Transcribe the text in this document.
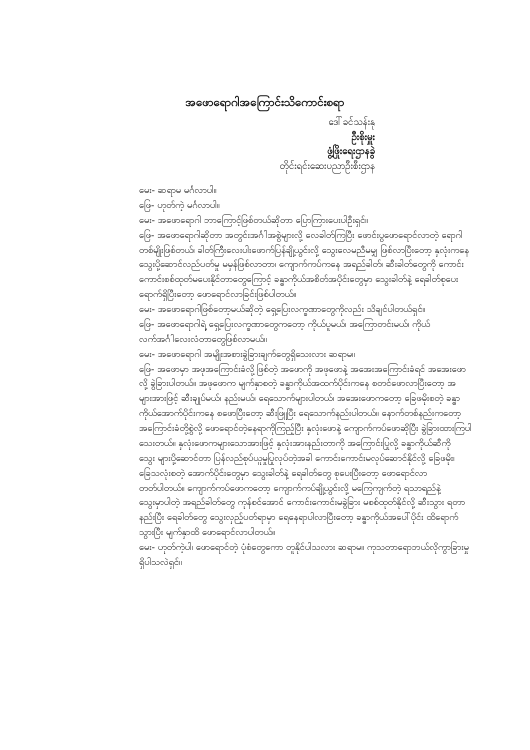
အဖောရောဂါအကြောင်းသိကောင်းစရာ
ဒေါ်ခင်သန်းနု
ဦးစိုးမှူး
ဖွံ့ဖြိုးရေးဌာနခွဲ
တိုင်းရင်းဆေးပညာဦးစီးဌာန
မေး- ဆရာမ မင်္ဂလာပါ။
ဖြေ- ဟုတ်ကဲ့ မင်္ဂလာပါ။
မေး- အဖောရောဂါ ဘာကြောင့်ဖြစ်တယ်ဆိုတာ ပြောကြားပေးပါဦးရှင်။
ဖြေ- အဖောရောဂါဆိုတာ အတွင်းအင်္ဂါအစွဲများလို့ လေခါတ်ကြပြီး ဖောင်းပွဖောရောင်လာတဲ့ ရောဂါ
တစ်မျိုးဖြစ်တယ်၊ ခါတ်ကြီးလေးပါးဖောက်ပြန်ချို့ယွင်းလို့ သွေးလေမညီမမျှ ဖြစ်လာပြီးတော့ နှလုံးကနေ
သွေးပို့ဆောင်လည်ပတ်မှု မမှန်ဖြစ်လာတာ၊ ကျောက်ကပ်ကနေ အရည်ခါတ်၊ ဆီးခါတ်တွေကို ကောင်း
ကောင်းစစ်ထုတ်မပေးနိုင်တာတွေကြောင့် ခန္ဓာကိုယ်အစိတ်အပိုင်းတွေမှာ သွေးခါတ်နဲ့ ရေခါတ်စုပေး
ရောက်ရှိပြီးတော့ ဖောရောင်လာခြင်းဖြစ်ပါတယ်။
မေး- အဖောရောဂါဖြစ်တော့မယ်ဆိုတဲ့ ရှေ့ပြေးလက္ခဏာတွေကိုလည်း သိချင်ပါတယ်ရှင်။
ဖြေ- အဖောရောဂါရဲ့ ရှေ့ပြေးလက္ခဏာတွေကတော့ ကိုယ်ပူမယ်၊ အကြောတင်းမယ်၊ ကိုယ်
လက်အင်္ဂါလေးလံတာတွေဖြစ်လာမယ်။
မေး- အဖောရောဂါ အမျိုးအစားခွဲခြားချက်တွေရှိသေးလား ဆရာမ။
ဖြေ- အဖောမှာ အဖုအကြောင်းခံလို့ဖြစ်တဲ့ အဖောကို အဖုဖောနဲ့ အအေးအကြောင်းခံရင် အအေးဖော
လို့ ခွဲခြားပါတယ်။ အဖုဖောက မျက်နှာစတဲ့ ခန္ဓာကိုယ်အထက်ပိုင်းကနေ စတင်ဖောလာပြီးတော့ အ
များအားဖြင့် ဆီးချုပ်မယ်၊ နည်းမယ်၊ ရေသောက်များပါတယ်၊ အအေးဖောကတော့ ခြေဖမိုးစတဲ့ ခန္ဓာ
ကိုယ်အောက်ပိုင်းကနေ စဖောပြီးတော့ ဆီးဖြူပြီး ရေသောက်နည်းပါတယ်။ နောက်တစ်နည်းကတော့
အကြောင်းခံတို့စွဲလို့ ဖောရောင်တဲ့နေရာကိုကြည့်ပြီး နှလုံးဖောနဲ့ ကျောက်ကပ်ဖောဆိုပြီး ခွဲခြားထားကြပါ
သေးတယ်။ နှလုံးဖောကများသောအားဖြင့် နှလုံးအားနည်းတာကို အကြောင်းပြုလို့ ခန္ဓာကိုယ်ဆီကို
သွေး များပို့ဆောင်တာ ပြန်လည်စုပ်ယူမှုပြုလုပ်တဲ့အခါ ကောင်းကောင်းမလုပ်ဆောင်နိုင်လို့ ခြေဖမိုး၊
ခြေသလုံးစတဲ့ အောက်ပိုင်းတွေမှာ သွေးခါတ်နဲ့ ရေခါတ်တွေ စုပေးပြီးတော့ ဖောရောင်လာ
တတ်ပါတယ်။ ကျောက်ကပ်ဖောကတော့ ကျောက်ကပ်ချို့ယွင်းလို့ မကြေကျက်တဲ့ ရသာရည်နဲ့
သွေးမှာပါတဲ့ အရည်ခါတ်တွေ ကုန်စင်အောင် ကောင်းကောင်းမခွဲခြား မစစ်ထုတ်နိုင်လို့ ဆီးသွား ရတာ
နည်းပြီး ရေခါတ်တွေ သွေးလှည့်ပတ်ရာမှာ ရေနေရာပါလာပြီးတော့ ခန္ဓာကိုယ်အပေါ်ပိုင်း ထိရောက်
သွားပြီး မျက်နှာထိ ဖောရောင်လာပါတယ်။
မေး- ဟုတ်ကဲ့ပါ၊ ဖောရောင်တဲ့ ပုံစံတွေကော တူနိုင်ပါသလား ဆရာမ။ ကုသတာရောဘယ်လိုကွာခြားမှု
ရှိပါသလဲရှင်။
